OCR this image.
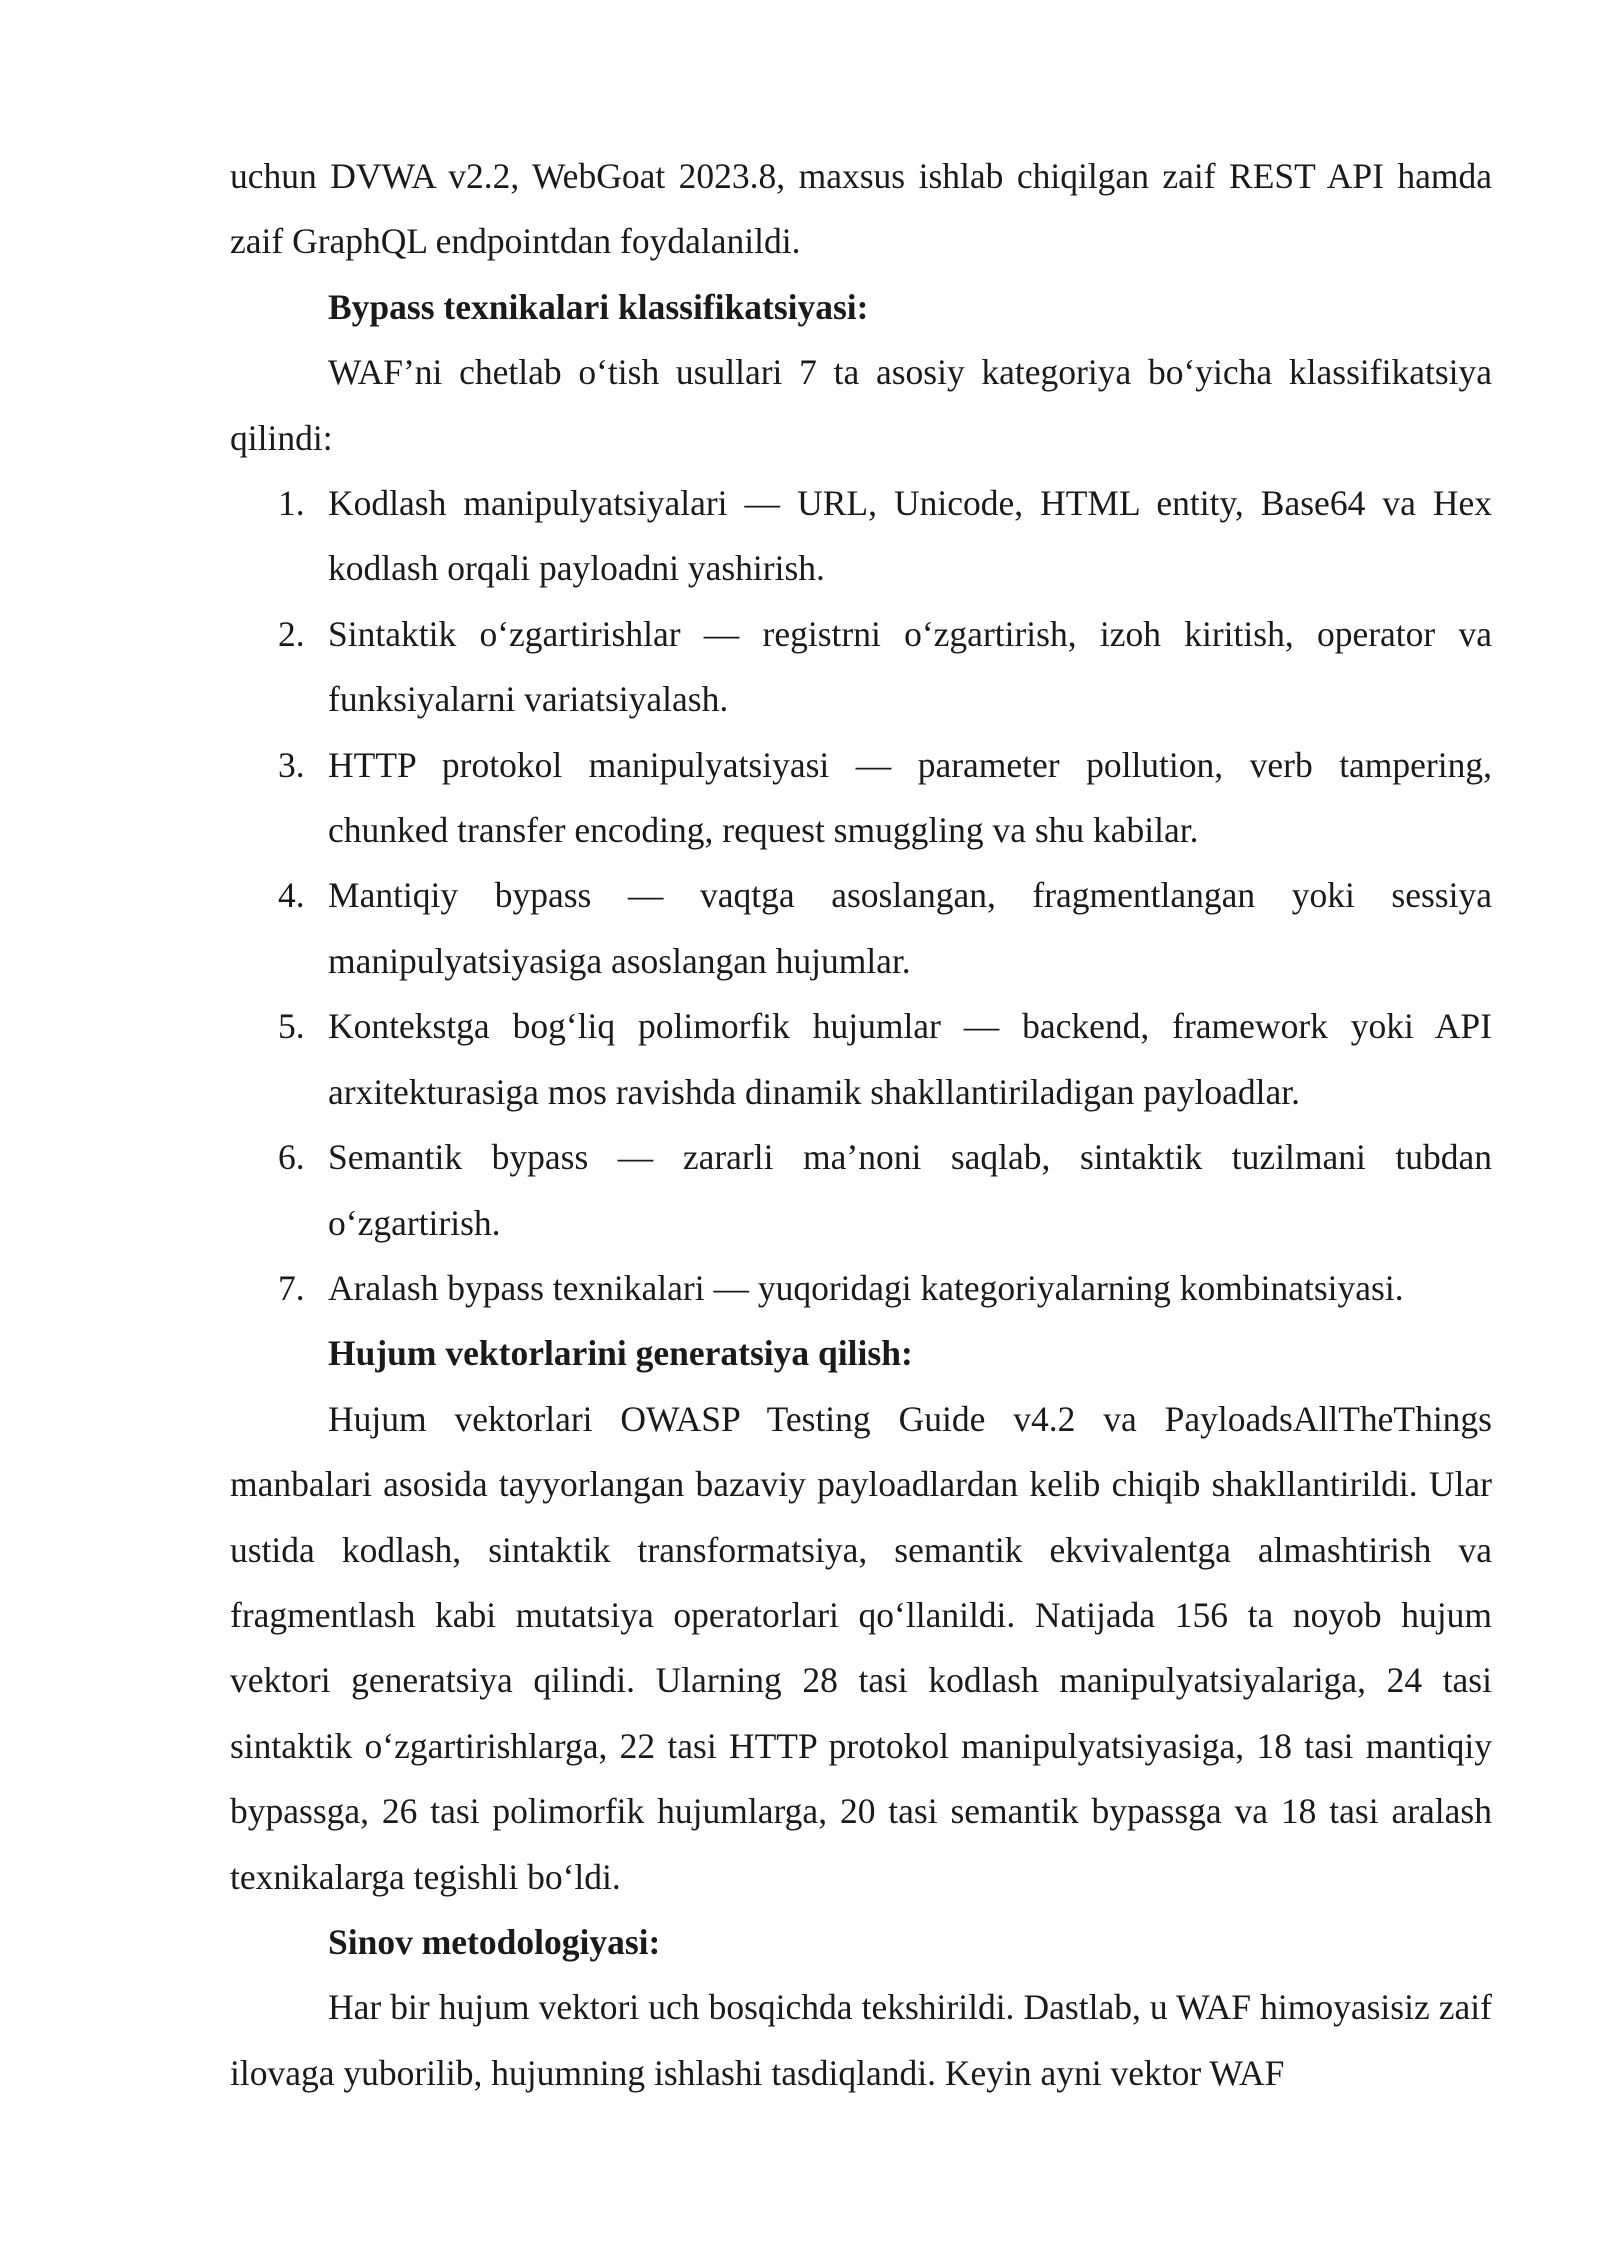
uchun DVWA v2.2, WebGoat 2023.8, maxsus ishlab chiqilgan zaif REST API hamda zaif GraphQL endpointdan foydalanildi.

Bypass texnikalari klassifikatsiyasi:

WAF’ni chetlab o‘tish usullari 7 ta asosiy kategoriya bo‘yicha klassifikatsiya qilindi:

1. Kodlash manipulyatsiyalari — URL, Unicode, HTML entity, Base64 va Hex kodlash orqali payloadni yashirish.
2. Sintaktik o‘zgartirishlar — registrni o‘zgartirish, izoh kiritish, operator va funksiyalarni variatsiyalash.
3. HTTP protokol manipulyatsiyasi — parameter pollution, verb tampering, chunked transfer encoding, request smuggling va shu kabilar.
4. Mantiqiy bypass — vaqtga asoslangan, fragmentlangan yoki sessiya manipulyatsiyasiga asoslangan hujumlar.
5. Kontekstga bog‘liq polimorfik hujumlar — backend, framework yoki API arxitekturasiga mos ravishda dinamik shakllantiriladigan payloadlar.
6. Semantik bypass — zararli ma’noni saqlab, sintaktik tuzilmani tubdan o‘zgartirish.
7. Aralash bypass texnikalari — yuqoridagi kategoriyalarning kombinatsiyasi.

Hujum vektorlarini generatsiya qilish:

Hujum vektorlari OWASP Testing Guide v4.2 va PayloadsAllTheThings manbalari asosida tayyorlangan bazaviy payloadlardan kelib chiqib shakllantirildi. Ular ustida kodlash, sintaktik transformatsiya, semantik ekvivalentga almashtirish va fragmentlash kabi mutatsiya operatorlari qo‘llanildi. Natijada 156 ta noyob hujum vektori generatsiya qilindi. Ularning 28 tasi kodlash manipulyatsiyalariga, 24 tasi sintaktik o‘zgartirishlarga, 22 tasi HTTP protokol manipulyatsiyasiga, 18 tasi mantiqiy bypassga, 26 tasi polimorfik hujumlarga, 20 tasi semantik bypassga va 18 tasi aralash texnikalarga tegishli bo‘ldi.

Sinov metodologiyasi:

Har bir hujum vektori uch bosqichda tekshirildi. Dastlab, u WAF himoyasisiz zaif ilovaga yuborilib, hujumning ishlashi tasdiqlandi. Keyin ayni vektor WAF
